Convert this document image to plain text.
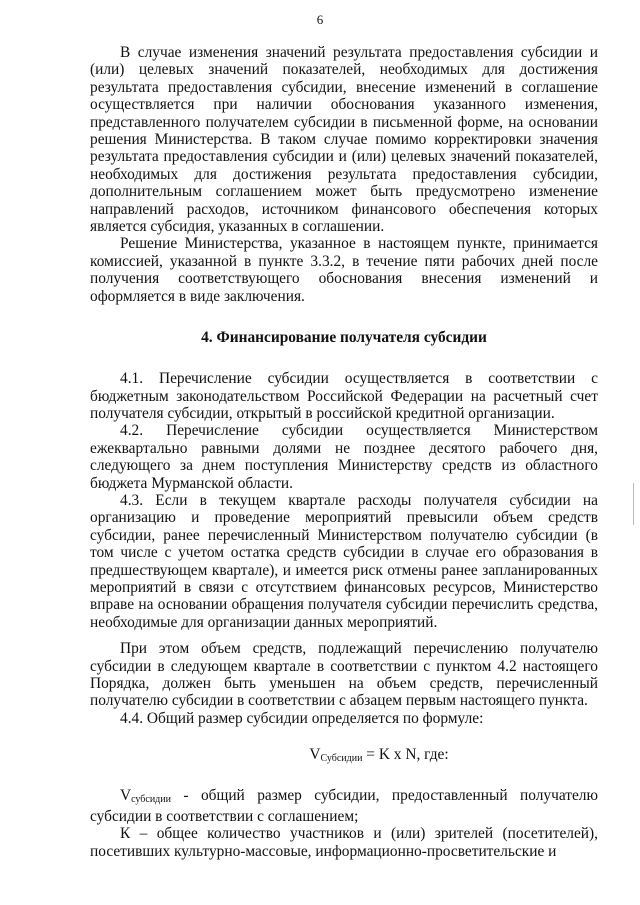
6

В случае изменения значений результата предоставления субсидии и (или) целевых значений показателей, необходимых для достижения результата предоставления субсидии, внесение изменений в соглашение осуществляется при наличии обоснования указанного изменения, представленного получателем субсидии в письменной форме, на основании решения Министерства. В таком случае помимо корректировки значения результата предоставления субсидии и (или) целевых значений показателей, необходимых для достижения результата предоставления субсидии, дополнительным соглашением может быть предусмотрено изменение направлений расходов, источником финансового обеспечения которых является субсидия, указанных в соглашении.

Решение Министерства, указанное в настоящем пункте, принимается комиссией, указанной в пункте 3.3.2, в течение пяти рабочих дней после получения соответствующего обоснования внесения изменений и оформляется в виде заключения.

4. Финансирование получателя субсидии

4.1. Перечисление субсидии осуществляется в соответствии с бюджетным законодательством Российской Федерации на расчетный счет получателя субсидии, открытый в российской кредитной организации.

4.2. Перечисление субсидии осуществляется Министерством ежеквартально равными долями не позднее десятого рабочего дня, следующего за днем поступления Министерству средств из областного бюджета Мурманской области.

4.3. Если в текущем квартале расходы получателя субсидии на организацию и проведение мероприятий превысили объем средств субсидии, ранее перечисленный Министерством получателю субсидии (в том числе с учетом остатка средств субсидии в случае его образования в предшествующем квартале), и имеется риск отмены ранее запланированных мероприятий в связи с отсутствием финансовых ресурсов, Министерство вправе на основании обращения получателя субсидии перечислить средства, необходимые для организации данных мероприятий.

При этом объем средств, подлежащий перечислению получателю субсидии в следующем квартале в соответствии с пунктом 4.2 настоящего Порядка, должен быть уменьшен на объем средств, перечисленный получателю субсидии в соответствии с абзацем первым настоящего пункта.

4.4. Общий размер субсидии определяется по формуле:

$V_{Субсидии} = K$ x N, где:

$V_{субсидии}$ - общий размер субсидии, предоставленный получателю субсидии в соответствии с соглашением;

К – общее количество участников и (или) зрителей (посетителей), посетивших культурно-массовые, информационно-просветительские и
